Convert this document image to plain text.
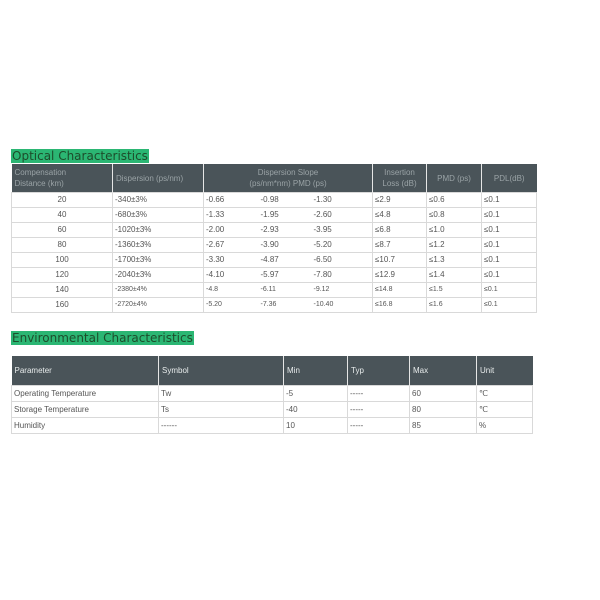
Optical Characteristics
Compensation
Distance (km)	Dispersion (ps/nm)	Dispersion Slope
(ps/nm*nm) PMD (ps)			Insertion
Loss (dB)	PMD (ps)	PDL(dB)
20	-340±3%	-0.66	-0.98	-1.30	≤2.9	≤0.6	≤0.1
40	-680±3%	-1.33	-1.95	-2.60	≤4.8	≤0.8	≤0.1
60	-1020±3%	-2.00	-2.93	-3.95	≤6.8	≤1.0	≤0.1
80	-1360±3%	-2.67	-3.90	-5.20	≤8.7	≤1.2	≤0.1
100	-1700±3%	-3.30	-4.87	-6.50	≤10.7	≤1.3	≤0.1
120	-2040±3%	-4.10	-5.97	-7.80	≤12.9	≤1.4	≤0.1
140	-2380±4%	-4.8	-6.11	-9.12	≤14.8	≤1.5	≤0.1
160	-2720±4%	-5.20	-7.36	-10.40	≤16.8	≤1.6	≤0.1
Environmental Characteristics
Parameter	Symbol	Min	Typ	Max	Unit
Operating Temperature	Tw	-5	-----	60	℃
Storage Temperature	Ts	-40	-----	80	℃
Humidity	------	10	-----	85	%
